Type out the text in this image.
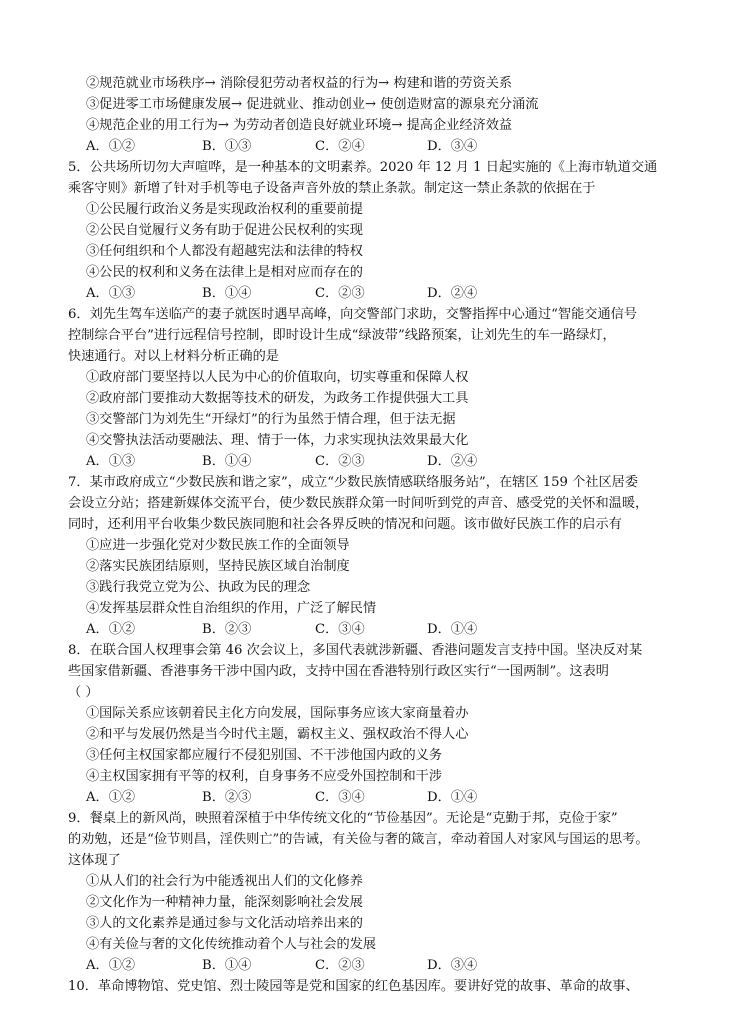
②规范就业市场秩序→ 消除侵犯劳动者权益的行为→ 构建和谐的劳资关系
③促进零工市场健康发展→ 促进就业、推动创业→ 使创造财富的源泉充分涌流
④规范企业的用工行为→ 为劳动者创造良好就业环境→ 提高企业经济效益
A．①②	B．①③	C．②④	D．③④
5．公共场所切勿大声喧哗，是一种基本的文明素养。2020 年 12 月 1 日起实施的《上海市轨道交通
乘客守则》新增了针对手机等电子设备声音外放的禁止条款。制定这一禁止条款的依据在于
①公民履行政治义务是实现政治权利的重要前提
②公民自觉履行义务有助于促进公民权利的实现
③任何组织和个人都没有超越宪法和法律的特权
④公民的权利和义务在法律上是相对应而存在的
A．①③	B．①④	C．②③	D．②④
6．刘先生驾车送临产的妻子就医时遇早高峰，向交警部门求助，交警指挥中心通过“智能交通信号
控制综合平台”进行远程信号控制，即时设计生成“绿波带”线路预案，让刘先生的车一路绿灯，
快速通行。对以上材料分析正确的是
①政府部门要坚持以人民为中心的价值取向，切实尊重和保障人权
②政府部门要推动大数据等技术的研发，为政务工作提供强大工具
③交警部门为刘先生“开绿灯”的行为虽然于情合理，但于法无据
④交警执法活动要融法、理、情于一体，力求实现执法效果最大化
A．①③	B．①④	C．②③	D．②④
7．某市政府成立“少数民族和谐之家”，成立“少数民族情感联络服务站”，在辖区 159 个社区居委
会设立分站；搭建新媒体交流平台，使少数民族群众第一时间听到党的声音、感受党的关怀和温暖，
同时，还利用平台收集少数民族同胞和社会各界反映的情况和问题。该市做好民族工作的启示有
①应进一步强化党对少数民族工作的全面领导
②落实民族团结原则，坚持民族区域自治制度
③践行我党立党为公、执政为民的理念
④发挥基层群众性自治组织的作用，广泛了解民情
A．①②	B．②③	C．③④	D．①④
8．在联合国人权理事会第 46 次会议上，多国代表就涉新疆、香港问题发言支持中国。坚决反对某
些国家借新疆、香港事务干涉中国内政，支持中国在香港特别行政区实行“一国两制”。这表明
（ ）
①国际关系应该朝着民主化方向发展，国际事务应该大家商量着办
②和平与发展仍然是当今时代主题，霸权主义、强权政治不得人心
③任何主权国家都应履行不侵犯别国、不干涉他国内政的义务
④主权国家拥有平等的权利，自身事务不应受外国控制和干涉
A．①②	B．②③	C．③④	D．①④
9．餐桌上的新风尚，映照着深植于中华传统文化的“节俭基因”。无论是“克勤于邦，克俭于家”
的劝勉，还是“俭节则昌，淫佚则亡”的告诫，有关俭与奢的箴言，牵动着国人对家风与国运的思考。
这体现了
①从人们的社会行为中能透视出人们的文化修养
②文化作为一种精神力量，能深刻影响社会发展
③人的文化素养是通过参与文化活动培养出来的
④有关俭与奢的文化传统推动着个人与社会的发展
A．①②	B．①④	C．②③	D．③④
10．革命博物馆、党史馆、烈士陵园等是党和国家的红色基因库。要讲好党的故事、革命的故事、
